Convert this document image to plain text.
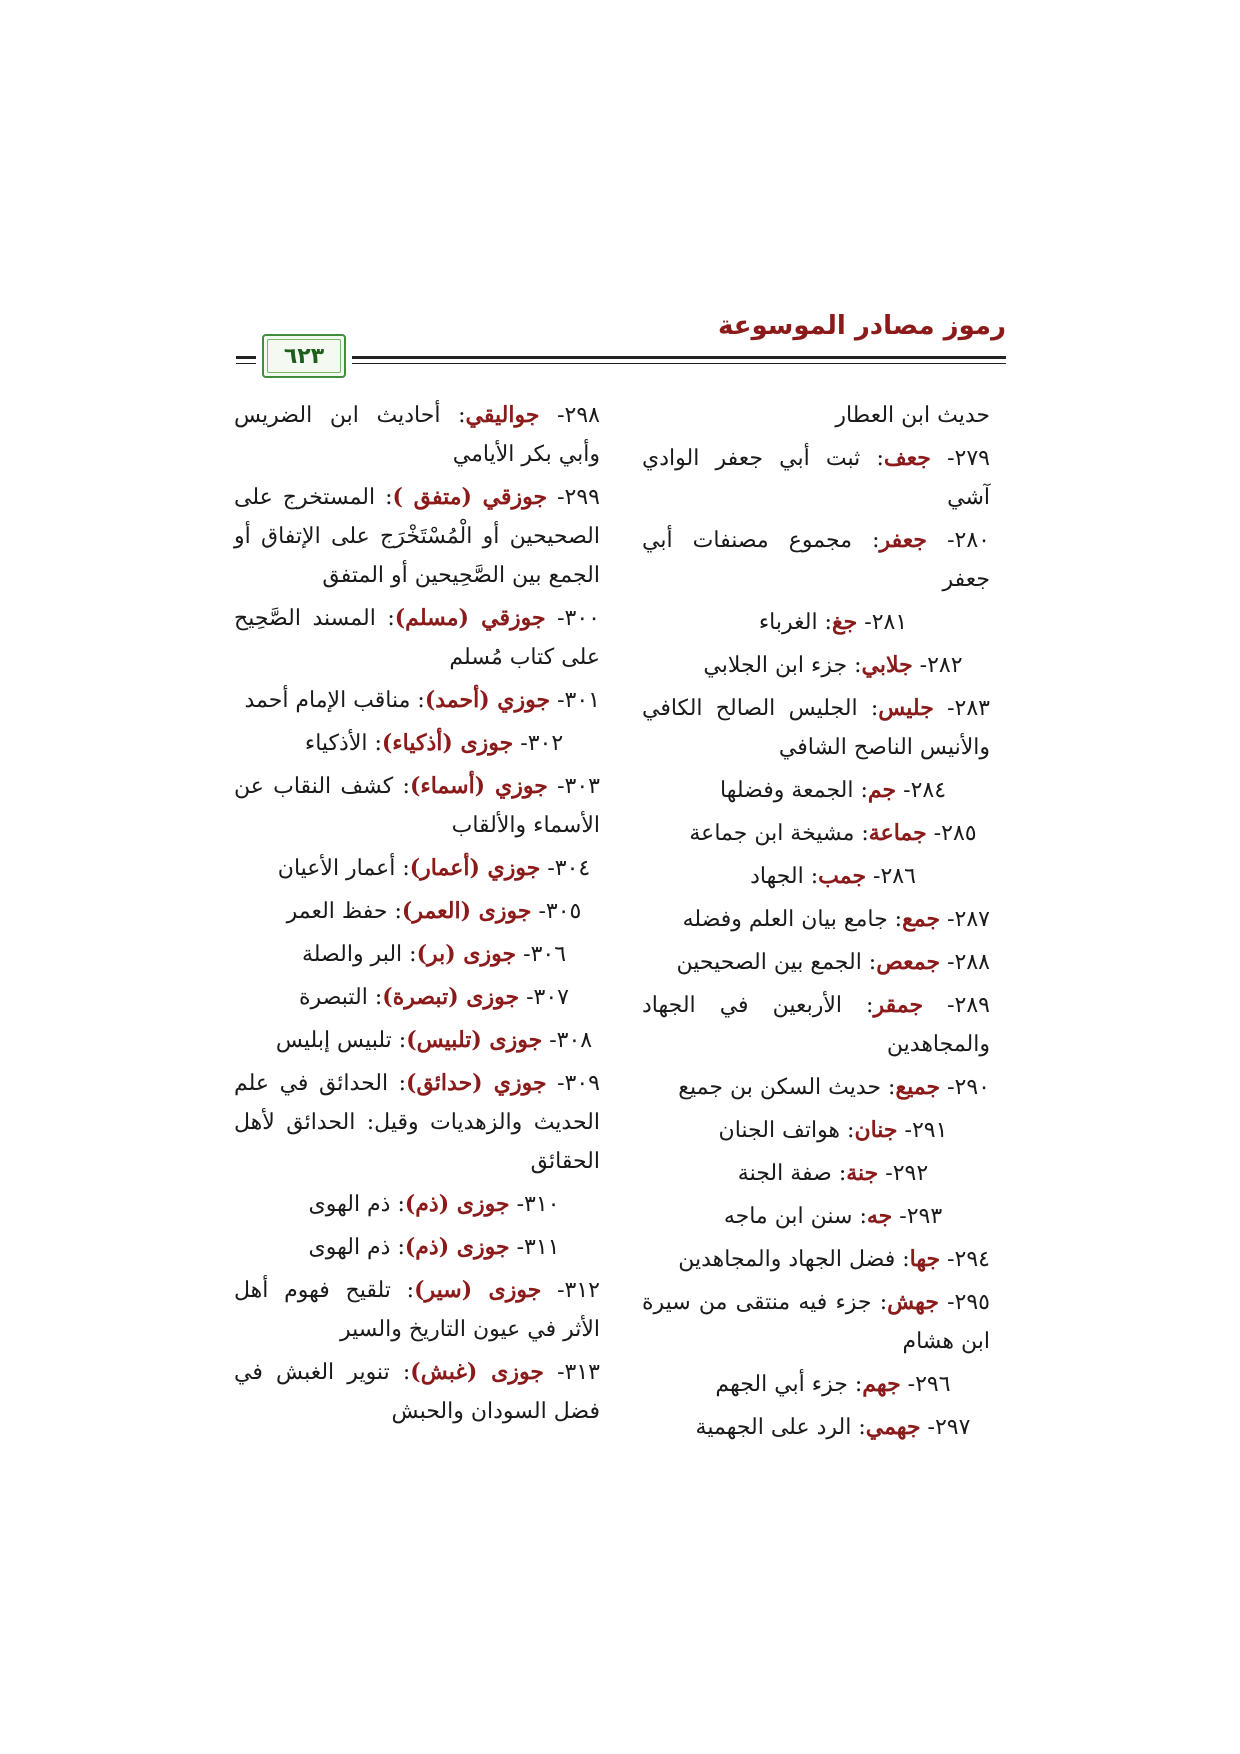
رموز مصادر الموسوعة
٦٢٣
حديث ابن العطار
٢٧٩- جعف: ثبت أبي جعفر الوادي آشي
٢٨٠- جعفر: مجموع مصنفات أبي جعفر
٢٨١- جغ: الغرباء
٢٨٢- جلابي: جزء ابن الجلابي
٢٨٣- جليس: الجليس الصالح الكافي والأنيس الناصح الشافي
٢٨٤- جم: الجمعة وفضلها
٢٨٥- جماعة: مشيخة ابن جماعة
٢٨٦- جمب: الجهاد
٢٨٧- جمع: جامع بيان العلم وفضله
٢٨٨- جمعص: الجمع بين الصحيحين
٢٨٩- جمقر: الأربعين في الجهاد والمجاهدين
٢٩٠- جميع: حديث السكن بن جميع
٢٩١- جنان: هواتف الجنان
٢٩٢- جنة: صفة الجنة
٢٩٣- جه: سنن ابن ماجه
٢٩٤- جها: فضل الجهاد والمجاهدين
٢٩٥- جهش: جزء فيه منتقى من سيرة ابن هشام
٢٩٦- جهم: جزء أبي الجهم
٢٩٧- جهمي: الرد على الجهمية
٢٩٨- جواليقي: أحاديث ابن الضريس وأبي بكر الأيامي
٢٩٩- جوزقي (متفق ): المستخرج على الصحيحين أو الْمُسْتَخْرَج على الإتفاق أو الجمع بين الصَّحِيحين أو المتفق
٣٠٠- جوزقي (مسلم): المسند الصَّحِيح على كتاب مُسلم
٣٠١- جوزي (أحمد): مناقب الإمام أحمد
٣٠٢- جوزى (أذكياء): الأذكياء
٣٠٣- جوزي (أسماء): كشف النقاب عن الأسماء والألقاب
٣٠٤- جوزي (أعمار): أعمار الأعيان
٣٠٥- جوزى (العمر): حفظ العمر
٣٠٦- جوزى (بر): البر والصلة
٣٠٧- جوزى (تبصرة): التبصرة
٣٠٨- جوزى (تلبيس): تلبيس إبليس
٣٠٩- جوزي (حدائق): الحدائق في علم الحديث والزهديات وقيل: الحدائق لأهل الحقائق
٣١٠- جوزى (ذم): ذم الهوى
٣١١- جوزى (ذم): ذم الهوى
٣١٢- جوزى (سير): تلقيح فهوم أهل الأثر في عيون التاريخ والسير
٣١٣- جوزى (غبش): تنوير الغبش في فضل السودان والحبش
